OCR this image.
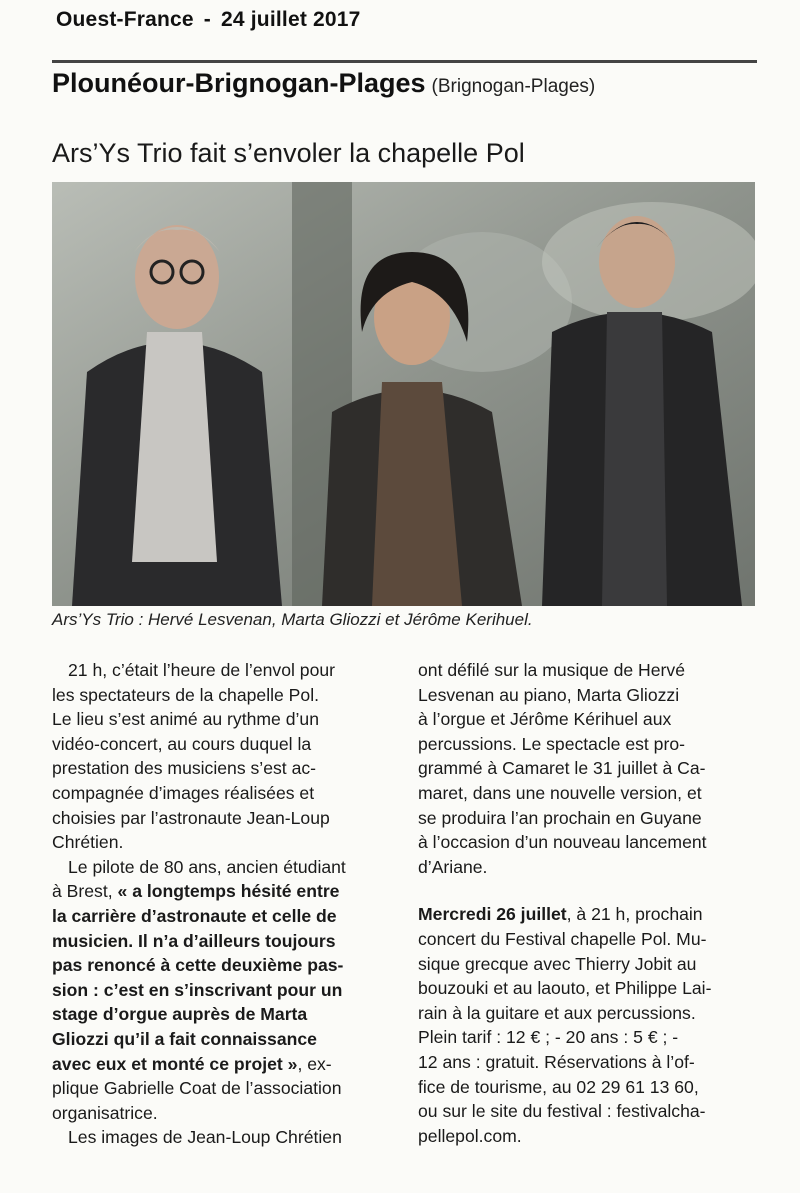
Ouest-France - 24 juillet 2017
Plounéour-Brignogan-Plages (Brignogan-Plages)
Ars’Ys Trio fait s’envoler la chapelle Pol
Ars’Ys Trio : Hervé Lesvenan, Marta Gliozzi et Jérôme Kerihuel.
21 h, c’était l’heure de l’envol pour
les spectateurs de la chapelle Pol.
Le lieu s’est animé au rythme d’un
vidéo-concert, au cours duquel la
prestation des musiciens s’est ac-
compagnée d’images réalisées et
choisies par l’astronaute Jean-Loup
Chrétien.
Le pilote de 80 ans, ancien étudiant
à Brest, « a longtemps hésité entre
la carrière d’astronaute et celle de
musicien. Il n’a d’ailleurs toujours
pas renoncé à cette deuxième pas-
sion : c’est en s’inscrivant pour un
stage d’orgue auprès de Marta
Gliozzi qu’il a fait connaissance
avec eux et monté ce projet », ex-
plique Gabrielle Coat de l’association
organisatrice.
Les images de Jean-Loup Chrétien
ont défilé sur la musique de Hervé
Lesvenan au piano, Marta Gliozzi
à l’orgue et Jérôme Kérihuel aux
percussions. Le spectacle est pro-
grammé à Camaret le 31 juillet à Ca-
maret, dans une nouvelle version, et
se produira l’an prochain en Guyane
à l’occasion d’un nouveau lancement
d’Ariane.
Mercredi 26 juillet, à 21 h, prochain
concert du Festival chapelle Pol. Mu-
sique grecque avec Thierry Jobit au
bouzouki et au laouto, et Philippe Lai-
rain à la guitare et aux percussions.
Plein tarif : 12 € ; - 20 ans : 5 € ; -
12 ans : gratuit. Réservations à l’of-
fice de tourisme, au 02 29 61 13 60,
ou sur le site du festival : festivalcha-
pellepol.com.
